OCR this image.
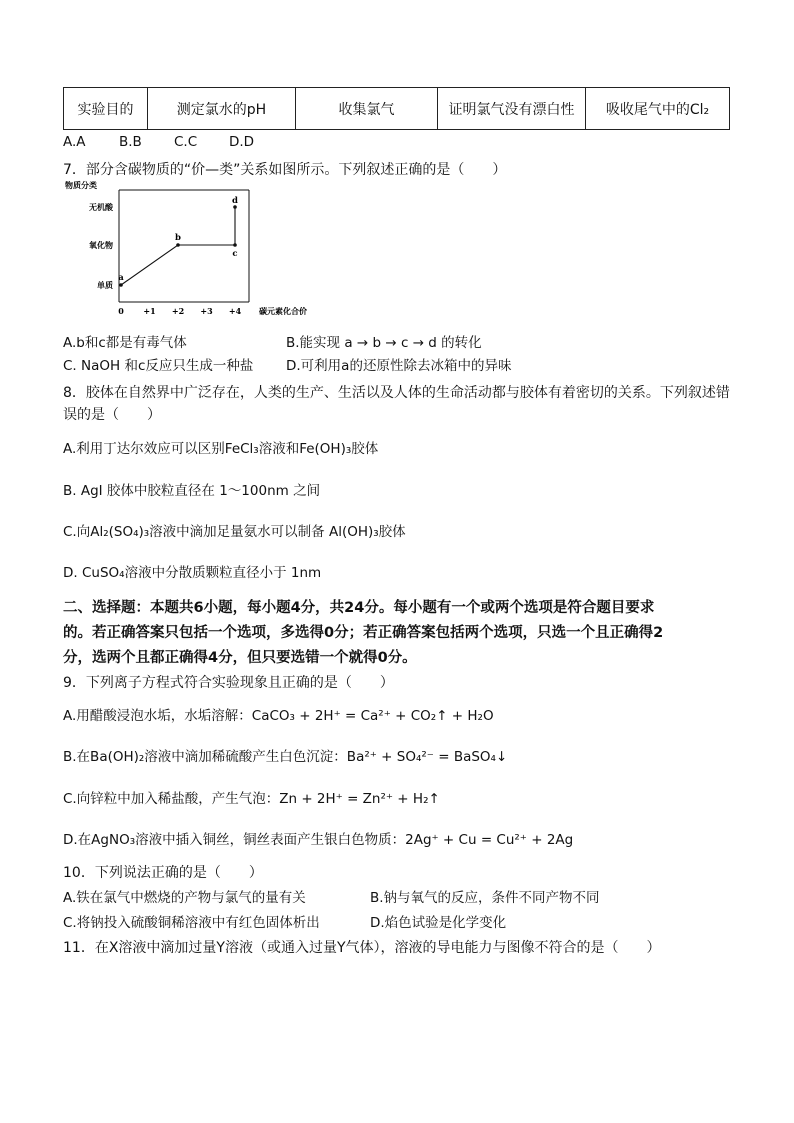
实验目的	测定氯水的pH	收集氯气	证明氯气没有漂白性	吸收尾气中的Cl₂
A.A B.B C.C D.D
7．部分含碳物质的“价—类”关系如图所示。下列叙述正确的是（　　）
单质
氧化物
无机酸
物质分类
0 +1 +2 +3 +4 碳元素化合价
a
b
c
d
A.b和c都是有毒气体	B.能实现 a → b → c → d 的转化
C. NaOH 和c反应只生成一种盐 D.可利用a的还原性除去冰箱中的异味
8．胶体在自然界中广泛存在，人类的生产、生活以及人体的生命活动都与胶体有着密切的关系。下列叙述错
误的是（　　）
A.利用丁达尔效应可以区别FeCl₃溶液和Fe(OH)₃胶体
B. AgI 胶体中胶粒直径在 1～100nm 之间
C.向Al₂(SO₄)₃溶液中滴加足量氨水可以制备 Al(OH)₃胶体
D. CuSO₄溶液中分散质颗粒直径小于 1nm
二、选择题：本题共6小题，每小题4分，共24分。每小题有一个或两个选项是符合题目要求
的。若正确答案只包括一个选项，多选得0分；若正确答案包括两个选项，只选一个且正确得2
分，选两个且都正确得4分，但只要选错一个就得0分。
9．下列离子方程式符合实验现象且正确的是（　　）
A.用醋酸浸泡水垢，水垢溶解：CaCO₃ + 2H⁺ = Ca²⁺ + CO₂↑ + H₂O
B.在Ba(OH)₂溶液中滴加稀硫酸产生白色沉淀：Ba²⁺ + SO₄²⁻ = BaSO₄↓
C.向锌粒中加入稀盐酸，产生气泡：Zn + 2H⁺ = Zn²⁺ + H₂↑
D.在AgNO₃溶液中插入铜丝，铜丝表面产生银白色物质：2Ag⁺ + Cu = Cu²⁺ + 2Ag
10．下列说法正确的是（　　）
A.铁在氯气中燃烧的产物与氯气的量有关	B.钠与氧气的反应，条件不同产物不同
C.将钠投入硫酸铜稀溶液中有红色固体析出	D.焰色试验是化学变化
11．在X溶液中滴加过量Y溶液（或通入过量Y气体），溶液的导电能力与图像不符合的是（　　）
